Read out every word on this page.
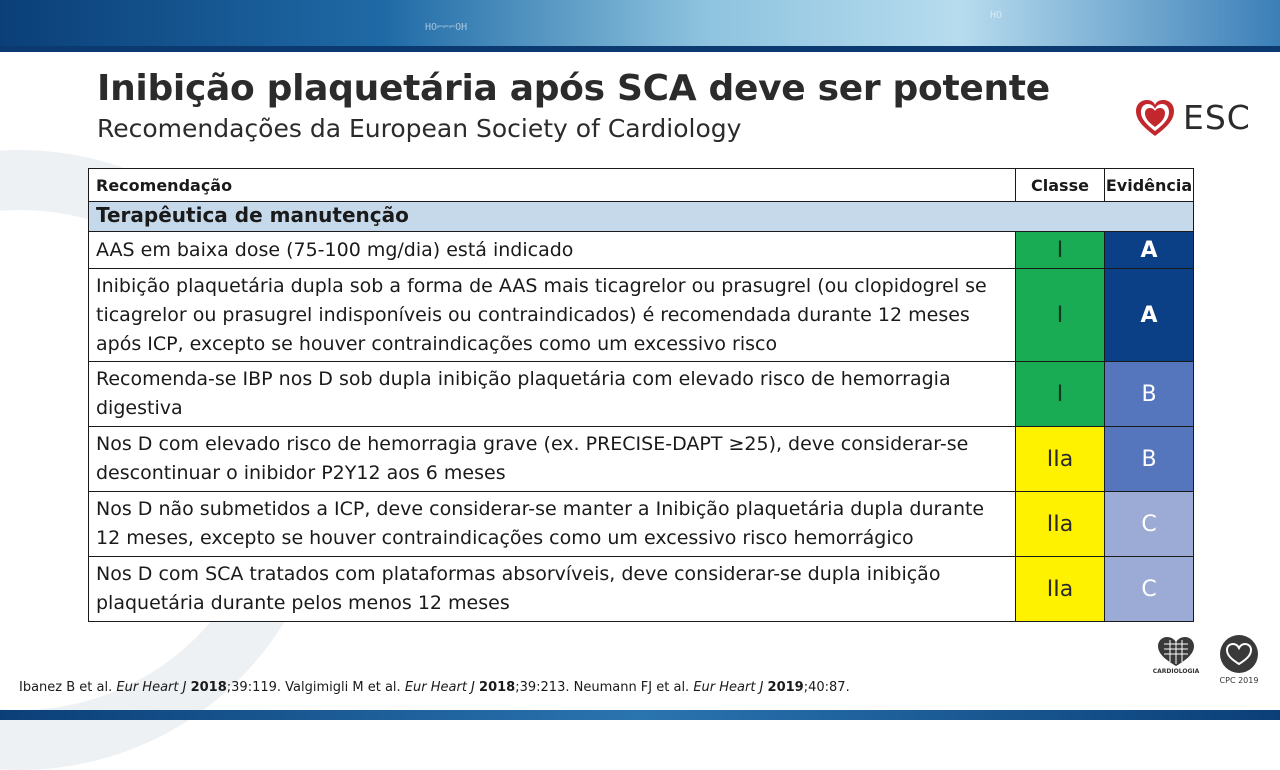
HO⌐⌐⌐OH
HO
Inibição plaquetária após SCA deve ser potente
Recomendações da European Society of Cardiology	ESC
Recomendação	Classe	Evidência
Terapêutica de manutenção		
AAS em baixa dose (75-100 mg/dia) está indicado	I	A
Inibição plaquetária dupla sob a forma de AAS mais ticagrelor ou prasugrel (ou clopidogrel se ticagrelor ou prasugrel indisponíveis ou contraindicados) é recomendada durante 12 meses após ICP, excepto se houver contraindicações como um excessivo risco	I	A
Recomenda-se IBP nos D sob dupla inibição plaquetária com elevado risco de hemorragia digestiva	I	B
Nos D com elevado risco de hemorragia grave (ex. PRECISE-DAPT ≥25), deve considerar-se descontinuar o inibidor P2Y12 aos 6 meses	IIa	B
Nos D não submetidos a ICP, deve considerar-se manter a Inibição plaquetária dupla durante 12 meses, excepto se houver contraindicações como um excessivo risco hemorrágico	IIa	C
Nos D com SCA tratados com plataformas absorvíveis, deve considerar-se dupla inibição plaquetária durante pelos menos 12 meses	IIa	C
Ibanez B et al. Eur Heart J 2018;39:119. Valgimigli M et al. Eur Heart J 2018;39:213. Neumann FJ et al. Eur Heart J 2019;40:87.
CARDIOLOGIA
CPC 2019
